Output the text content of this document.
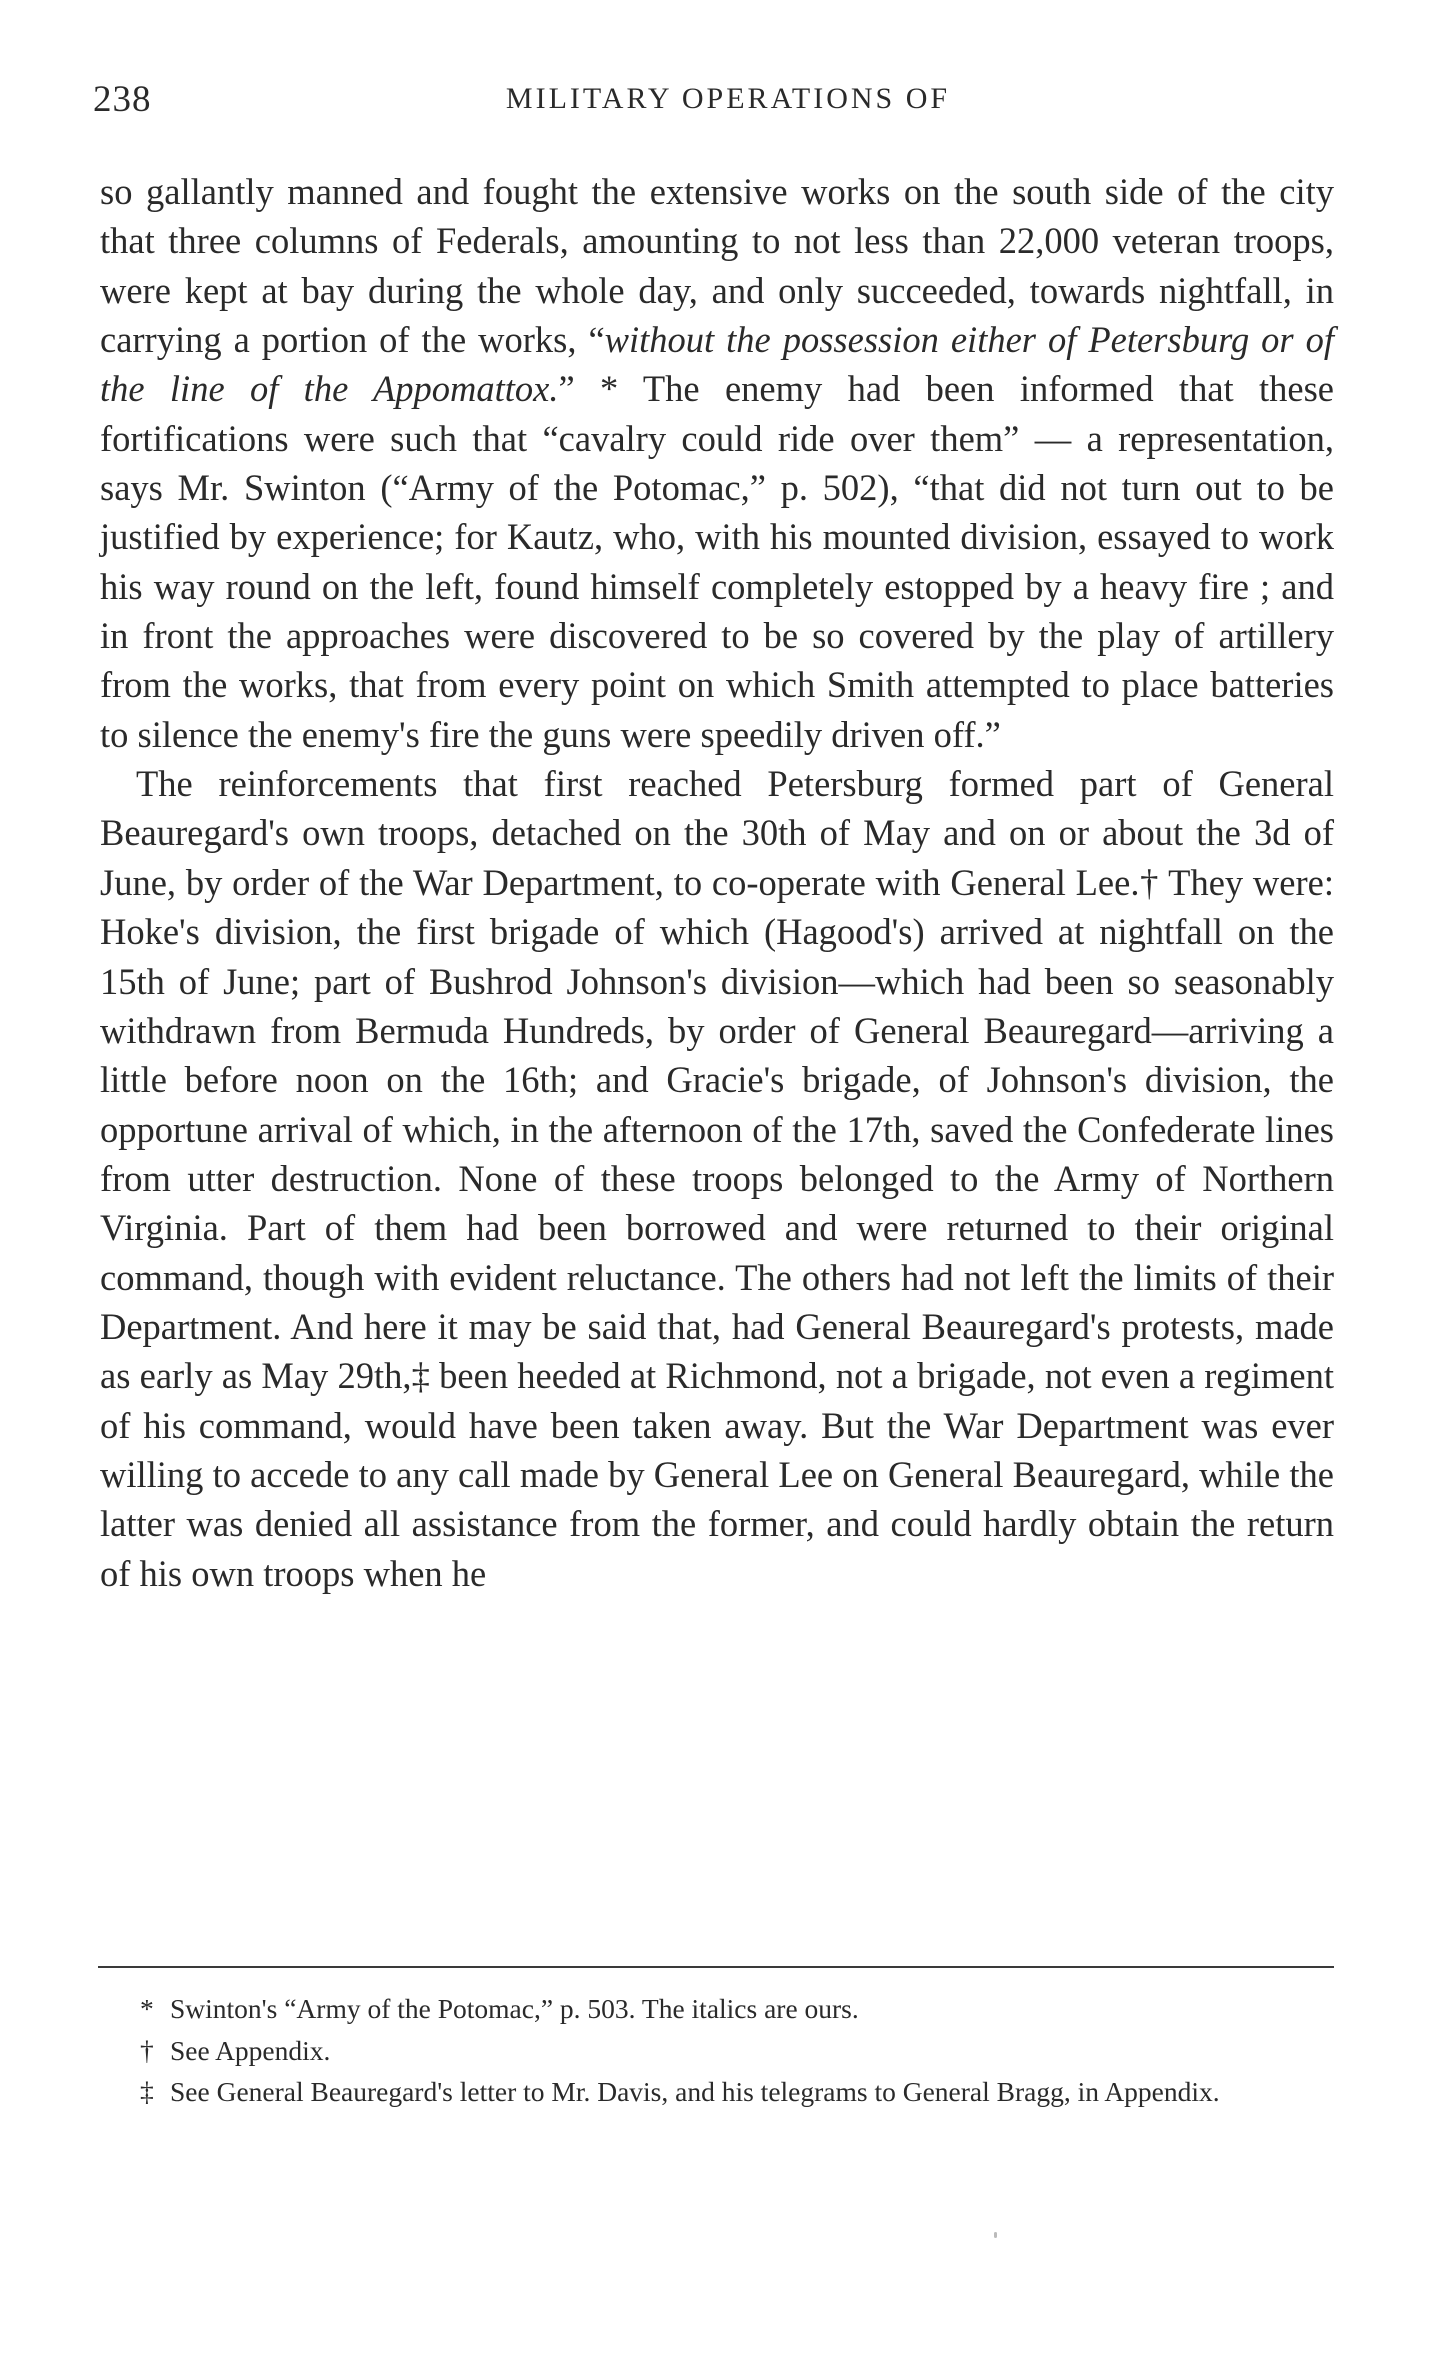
238	MILITARY OPERATIONS OF

so gallantly manned and fought the extensive works on the south side of the city that three columns of Federals, amounting to not less than 22,000 veteran troops, were kept at bay during the whole day, and only succeeded, towards nightfall, in carrying a portion of the works, “without the possession either of Petersburg or of the line of the Appomattox.” * The enemy had been informed that these fortifications were such that “cavalry could ride over them” — a representation, says Mr. Swinton (“Army of the Potomac,” p. 502), “that did not turn out to be justified by experience; for Kautz, who, with his mounted division, essayed to work his way round on the left, found himself completely estopped by a heavy fire ; and in front the approaches were discovered to be so covered by the play of artillery from the works, that from every point on which Smith attempted to place batteries to silence the enemy's fire the guns were speedily driven off.”

The reinforcements that first reached Petersburg formed part of General Beauregard's own troops, detached on the 30th of May and on or about the 3d of June, by order of the War Department, to co-operate with General Lee.† They were: Hoke's division, the first brigade of which (Hagood's) arrived at nightfall on the 15th of June; part of Bushrod Johnson's division—which had been so seasonably withdrawn from Bermuda Hundreds, by order of General Beauregard—arriving a little before noon on the 16th; and Gracie's brigade, of Johnson's division, the opportune arrival of which, in the afternoon of the 17th, saved the Confederate lines from utter destruction. None of these troops belonged to the Army of Northern Virginia. Part of them had been borrowed and were returned to their original command, though with evident reluctance. The others had not left the limits of their Department. And here it may be said that, had General Beauregard's protests, made as early as May 29th,‡ been heeded at Richmond, not a brigade, not even a regiment of his command, would have been taken away. But the War Department was ever willing to accede to any call made by General Lee on General Beauregard, while the latter was denied all assistance from the former, and could hardly obtain the return of his own troops when he

* Swinton's “Army of the Potomac,” p. 503. The italics are ours.

† See Appendix.

‡ See General Beauregard's letter to Mr. Davis, and his telegrams to General Bragg, in Appendix.
